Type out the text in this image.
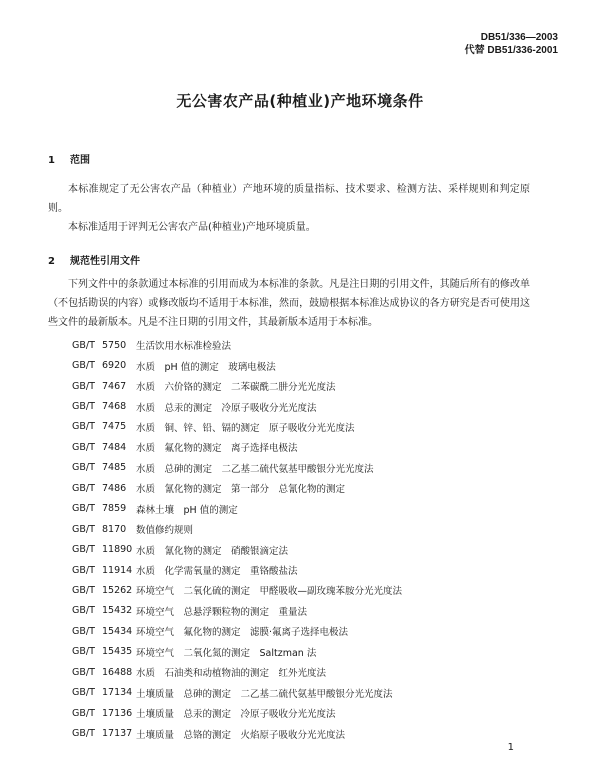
DB51/336—2003
代替 DB51/336-2001
无公害农产品(种植业)产地环境条件
1 范围
本标准规定了无公害农产品（种植业）产地环境的质量指标、技术要求、检测方法、采样规则和判定原则。
本标准适用于评判无公害农产品(种植业)产地环境质量。
2 规范性引用文件
下列文件中的条款通过本标准的引用而成为本标准的条款。凡是注日期的引用文件，其随后所有的修改单（不包括勘误的内容）或修改版均不适用于本标准，然而，鼓励根据本标准达成协议的各方研究是否可使用这些文件的最新版本。凡是不注日期的引用文件，其最新版本适用于本标准。
GB/T 5750	生活饮用水标准检验法
GB/T 6920	水质　pH 值的测定　玻璃电极法
GB/T 7467	水质　六价铬的测定　二苯碳酰二肼分光光度法
GB/T 7468	水质　总汞的测定　冷原子吸收分光光度法
GB/T 7475	水质　铜、锌、铅、镉的测定　原子吸收分光光度法
GB/T 7484	水质　氟化物的测定　离子选择电极法
GB/T 7485	水质　总砷的测定　二乙基二硫代氨基甲酸银分光光度法
GB/T 7486	水质　氰化物的测定　第一部分　总氰化物的测定
GB/T 7859	森林土壤　pH 值的测定
GB/T 8170	数值修约规则
GB/T 11890 水质　氰化物的测定　硝酸银滴定法
GB/T 11914 水质　化学需氧量的测定　重铬酸盐法
GB/T 15262 环境空气　二氧化硫的测定　甲醛吸收—副玫瑰苯胺分光光度法
GB/T 15432 环境空气　总悬浮颗粒物的测定　重量法
GB/T 15434 环境空气　氟化物的测定　滤膜·氟离子选择电极法
GB/T 15435 环境空气　二氧化氮的测定　Saltzman 法
GB/T 16488 水质　石油类和动植物油的测定　红外光度法
GB/T 17134 土壤质量　总砷的测定　二乙基二硫代氨基甲酸银分光光度法
GB/T 17136 土壤质量　总汞的测定　冷原子吸收分光光度法
GB/T 17137 土壤质量　总铬的测定　火焰原子吸收分光光度法
1
